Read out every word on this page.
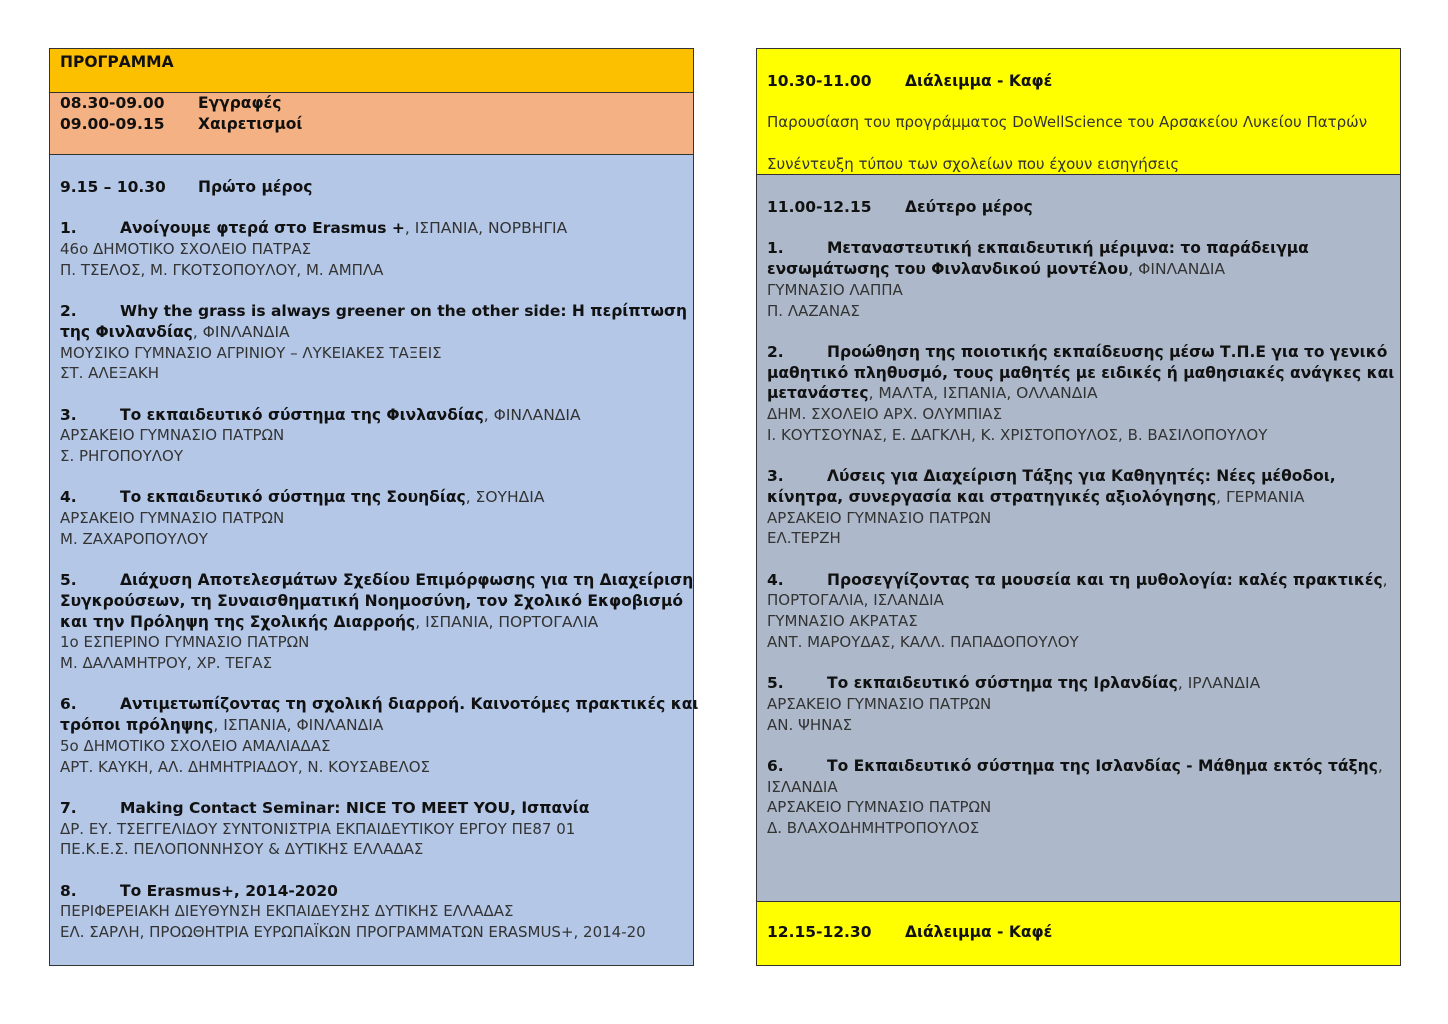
ΠΡΟΓΡΑΜΜΑ
08.30-09.00 Εγγραφές
09.00-09.15 Χαιρετισμοί
9.15 – 10.30 Πρώτο μέρος
1.	Ανοίγουμε φτερά στο Erasmus +, ΙΣΠΑΝΙΑ, ΝΟΡΒΗΓΙΑ
46ο ΔΗΜΟΤΙΚΟ ΣΧΟΛΕΙΟ ΠΑΤΡΑΣ
Π. ΤΣΕΛΟΣ, Μ. ΓΚΟΤΣΟΠΟΥΛΟΥ, Μ. ΑΜΠΛΑ
2.	Why the grass is always greener on the other side: Η περίπτωση
της Φινλανδίας, ΦΙΝΛΑΝΔΙΑ
ΜΟΥΣΙΚΟ ΓΥΜΝΑΣΙΟ ΑΓΡΙΝΙΟΥ – ΛΥΚΕΙΑΚΕΣ ΤΑΞΕΙΣ
ΣΤ. ΑΛΕΞΑΚΗ
3.	Το εκπαιδευτικό σύστημα της Φινλανδίας, ΦΙΝΛΑΝΔΙΑ
ΑΡΣΑΚΕΙΟ ΓΥΜΝΑΣΙΟ ΠΑΤΡΩΝ
Σ. ΡΗΓΟΠΟΥΛΟΥ
4.	Το εκπαιδευτικό σύστημα της Σουηδίας, ΣΟΥΗΔΙΑ
ΑΡΣΑΚΕΙΟ ΓΥΜΝΑΣΙΟ ΠΑΤΡΩΝ
Μ. ΖΑΧΑΡΟΠΟΥΛΟΥ
5.	Διάχυση Αποτελεσμάτων Σχεδίου Επιμόρφωσης για τη Διαχείριση
Συγκρούσεων, τη Συναισθηματική Νοημοσύνη, τον Σχολικό Εκφοβισμό
και την Πρόληψη της Σχολικής Διαρροής, ΙΣΠΑΝΙΑ, ΠΟΡΤΟΓΑΛΙΑ
1ο ΕΣΠΕΡΙΝΟ ΓΥΜΝΑΣΙΟ ΠΑΤΡΩΝ
Μ. ΔΑΛΑΜΗΤΡΟΥ, ΧΡ. ΤΕΓΑΣ
6.	Αντιμετωπίζοντας τη σχολική διαρροή. Καινοτόμες πρακτικές και
τρόποι πρόληψης, ΙΣΠΑΝΙΑ, ΦΙΝΛΑΝΔΙΑ
5ο ΔΗΜΟΤΙΚΟ ΣΧΟΛΕΙΟ ΑΜΑΛΙΑΔΑΣ
ΑΡΤ. ΚΑΥΚΗ, ΑΛ. ΔΗΜΗΤΡΙΑΔΟΥ, Ν. ΚΟΥΣΑΒΕΛΟΣ
7.	Making Contact Seminar: NICE TO MEET YOU, Ισπανία
ΔΡ. ΕΥ. ΤΣΕΓΓΕΛΙΔΟΥ ΣΥΝΤΟΝΙΣΤΡΙΑ ΕΚΠΑΙΔΕΥΤΙΚΟΥ ΕΡΓΟΥ ΠΕ87 01
ΠΕ.Κ.Ε.Σ. ΠΕΛΟΠΟΝΝΗΣΟΥ & ΔΥΤΙΚΗΣ ΕΛΛΑΔΑΣ
8.	Το Erasmus+, 2014-2020
ΠΕΡΙΦΕΡΕΙΑΚΗ ΔΙΕΥΘΥΝΣΗ ΕΚΠΑΙΔΕΥΣΗΣ ΔΥΤΙΚΗΣ ΕΛΛΑΔΑΣ
ΕΛ. ΣΑΡΛΗ, ΠΡΟΩΘΗΤΡΙΑ ΕΥΡΩΠΑΪΚΩΝ ΠΡΟΓΡΑΜΜΑΤΩΝ ERASMUS+, 2014-20
10.30-11.00 Διάλειμμα - Καφέ
Παρουσίαση του προγράμματος DoWellScience του Αρσακείου Λυκείου Πατρών
Συνέντευξη τύπου των σχολείων που έχουν εισηγήσεις
11.00-12.15 Δεύτερο μέρος
1.	Μεταναστευτική εκπαιδευτική μέριμνα: το παράδειγμα
ενσωμάτωσης του Φινλανδικού μοντέλου, ΦΙΝΛΑΝΔΙΑ
ΓΥΜΝΑΣΙΟ ΛΑΠΠΑ
Π. ΛΑΖΑΝΑΣ
2.	Προώθηση της ποιοτικής εκπαίδευσης μέσω Τ.Π.Ε για το γενικό
μαθητικό πληθυσμό, τους μαθητές με ειδικές ή μαθησιακές ανάγκες και
μετανάστες, ΜΑΛΤΑ, ΙΣΠΑΝΙΑ, ΟΛΛΑΝΔΙΑ
ΔΗΜ. ΣΧΟΛΕΙΟ ΑΡΧ. ΟΛΥΜΠΙΑΣ
Ι. ΚΟΥΤΣΟΥΝΑΣ, Ε. ΔΑΓΚΛΗ, Κ. ΧΡΙΣΤΟΠΟΥΛΟΣ, Β. ΒΑΣΙΛΟΠΟΥΛΟΥ
3.	Λύσεις για Διαχείριση Τάξης για Καθηγητές: Νέες μέθοδοι,
κίνητρα, συνεργασία και στρατηγικές αξιολόγησης, ΓΕΡΜΑΝΙΑ
ΑΡΣΑΚΕΙΟ ΓΥΜΝΑΣΙΟ ΠΑΤΡΩΝ
ΕΛ.ΤΕΡΖΗ
4.	Προσεγγίζοντας τα μουσεία και τη μυθολογία: καλές πρακτικές,
ΠΟΡΤΟΓΑΛΙΑ, ΙΣΛΑΝΔΙΑ
ΓΥΜΝΑΣΙΟ ΑΚΡΑΤΑΣ
ΑΝΤ. ΜΑΡΟΥΔΑΣ, ΚΑΛΛ. ΠΑΠΑΔΟΠΟΥΛΟΥ
5.	Το εκπαιδευτικό σύστημα της Ιρλανδίας, ΙΡΛΑΝΔΙΑ
ΑΡΣΑΚΕΙΟ ΓΥΜΝΑΣΙΟ ΠΑΤΡΩΝ
ΑΝ. ΨΗΝΑΣ
6.	Το Εκπαιδευτικό σύστημα της Ισλανδίας - Μάθημα εκτός τάξης,
ΙΣΛΑΝΔΙΑ
ΑΡΣΑΚΕΙΟ ΓΥΜΝΑΣΙΟ ΠΑΤΡΩΝ
Δ. ΒΛΑΧΟΔΗΜΗΤΡΟΠΟΥΛΟΣ
12.15-12.30 Διάλειμμα - Καφέ
